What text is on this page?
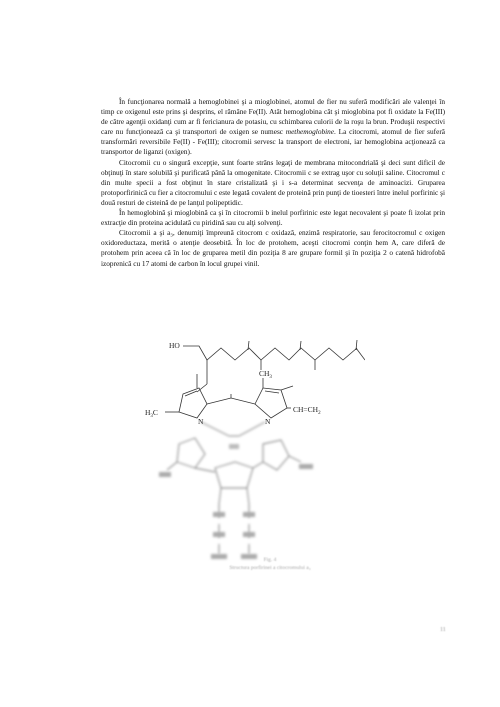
În funcţionarea normală a hemoglobinei şi a mioglobinei, atomul de fier nu suferă modificări ale valenţei în timp ce oxigenul este prins şi desprins, el rămâne Fe(II). Atât hemoglobina cât şi mioglobina pot fi oxidate la Fe(III) de către agenţii oxidanţi cum ar fi fericianura de potasiu, cu schimbarea culorii de la roşu la brun. Produşii respectivi care nu funcţionează ca şi transportori de oxigen se numesc methemoglobine. La citocromi, atomul de fier suferă transformări reversibile Fe(II) - Fe(III); citocromii servesc la transport de electroni, iar hemoglobina acţionează ca transportor de liganzi (oxigen).

Citocromii cu o singură excepţie, sunt foarte strâns legaţi de membrana mitocondrială şi deci sunt dificil de obţinuţi în stare solubilă şi purificată până la omogenitate. Citocromii c se extrag uşor cu soluţii saline. Citocromul c din multe specii a fost obţinut în stare cristalizată şi i s-a determinat secvenţa de aminoacizi. Gruparea protoporfirinică cu fier a citocromului c este legată covalent de proteină prin punţi de tioesteri între inelul porfirinic şi două resturi de cisteină de pe lanţul polipeptidic.

În hemoglobină şi mioglobină ca şi în citocromii b inelul porfirinic este legat necovalent şi poate fi izolat prin extracţie din proteina acidulată cu piridină sau cu alţi solvenţi.

Citocromii a şi a₃, denumiţi împreună citocrom c oxidază, enzimă respiratorie, sau ferocitocromul c oxigen oxidoreductaza, merită o atenţie deosebită. În loc de protohem, aceşti citocromi conţin hem A, care diferă de protohem prin aceea că în loc de gruparea metil din poziţia 8 are grupare formil şi în poziţia 2 o catenă hidrofobă izoprenică cu 17 atomi de carbon în locul grupei vinil.

HO
$CH_3$
$H_3C$	$CH=CH_2$
N	N
Fig. 4
Structura porfirinei a citocromului a₃
11
